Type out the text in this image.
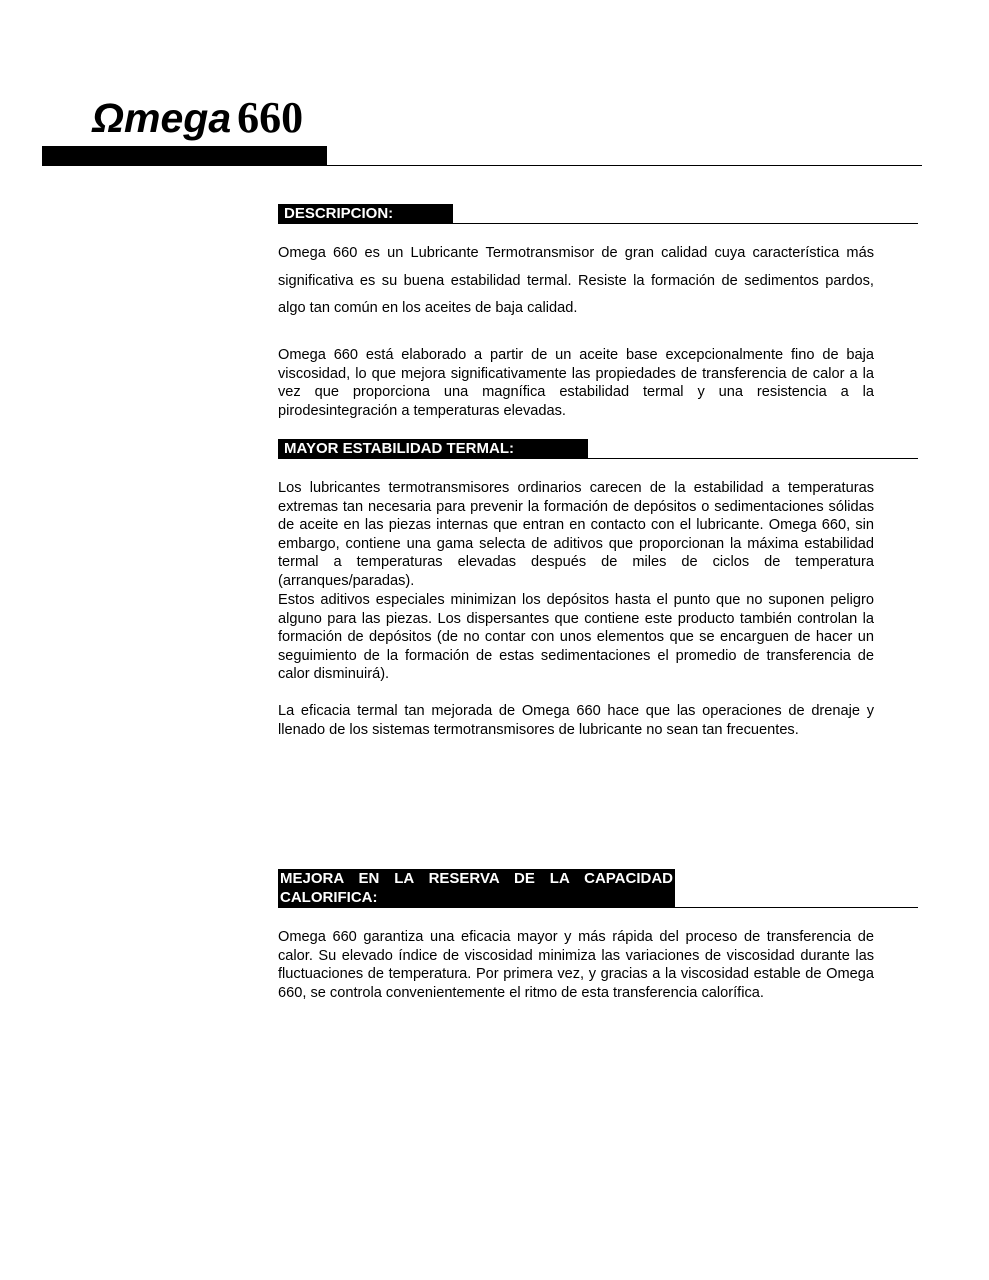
Ωmega 660
DESCRIPCION:

Omega 660 es un Lubricante Termotransmisor de gran calidad cuya característica más significativa es su buena estabilidad termal. Resiste la formación de sedimentos pardos, algo tan común en los aceites de baja calidad.

Omega 660 está elaborado a partir de un aceite base excepcionalmente fino de baja viscosidad, lo que mejora significativamente las propiedades de transferencia de calor a la vez que proporciona una magnífica estabilidad termal y una resistencia a la pirodesintegración a temperaturas elevadas.

MAYOR ESTABILIDAD TERMAL:

Los lubricantes termotransmisores ordinarios carecen de la estabilidad a temperaturas extremas tan necesaria para prevenir la formación de depósitos o sedimentaciones sólidas de aceite en las piezas internas que entran en contacto con el lubricante. Omega 660, sin embargo, contiene una gama selecta de aditivos que proporcionan la máxima estabilidad termal a temperaturas elevadas después de miles de ciclos de temperatura (arranques/paradas).

Estos aditivos especiales minimizan los depósitos hasta el punto que no suponen peligro alguno para las piezas. Los dispersantes que contiene este producto también controlan la formación de depósitos (de no contar con unos elementos que se encarguen de hacer un seguimiento de la formación de estas sedimentaciones el promedio de transferencia de calor disminuirá).

La eficacia termal tan mejorada de Omega 660 hace que las operaciones de drenaje y llenado de los sistemas termotransmisores de lubricante no sean tan frecuentes.

MEJORA EN LA RESERVA DE LA CAPACIDAD CALORIFICA:

Omega 660 garantiza una eficacia mayor y más rápida del proceso de transferencia de calor. Su elevado índice de viscosidad minimiza las variaciones de viscosidad durante las fluctuaciones de temperatura. Por primera vez, y gracias a la viscosidad estable de Omega 660, se controla convenientemente el ritmo de esta transferencia calorífica.
